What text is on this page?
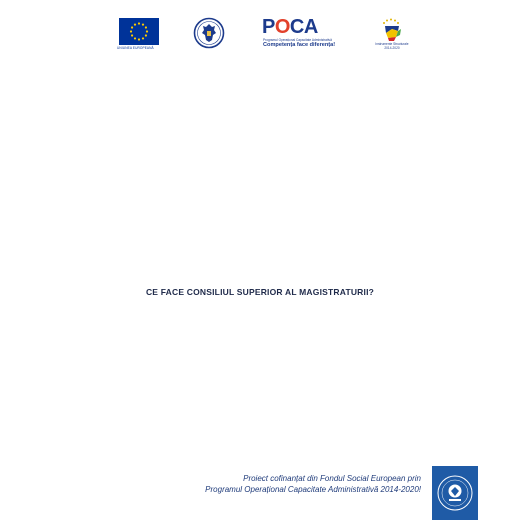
UNIUNEA EUROPEANĂ
POCA
Programul Operațional Capacitate Administrativă
Competența face diferența!	Instrumente Structurale
2014-2020
CE FACE CONSILIUL SUPERIOR AL MAGISTRATURII?
Proiect cofinanțat din Fondul Social European prin
Programul Operațional Capacitate Administrativă 2014-2020!
